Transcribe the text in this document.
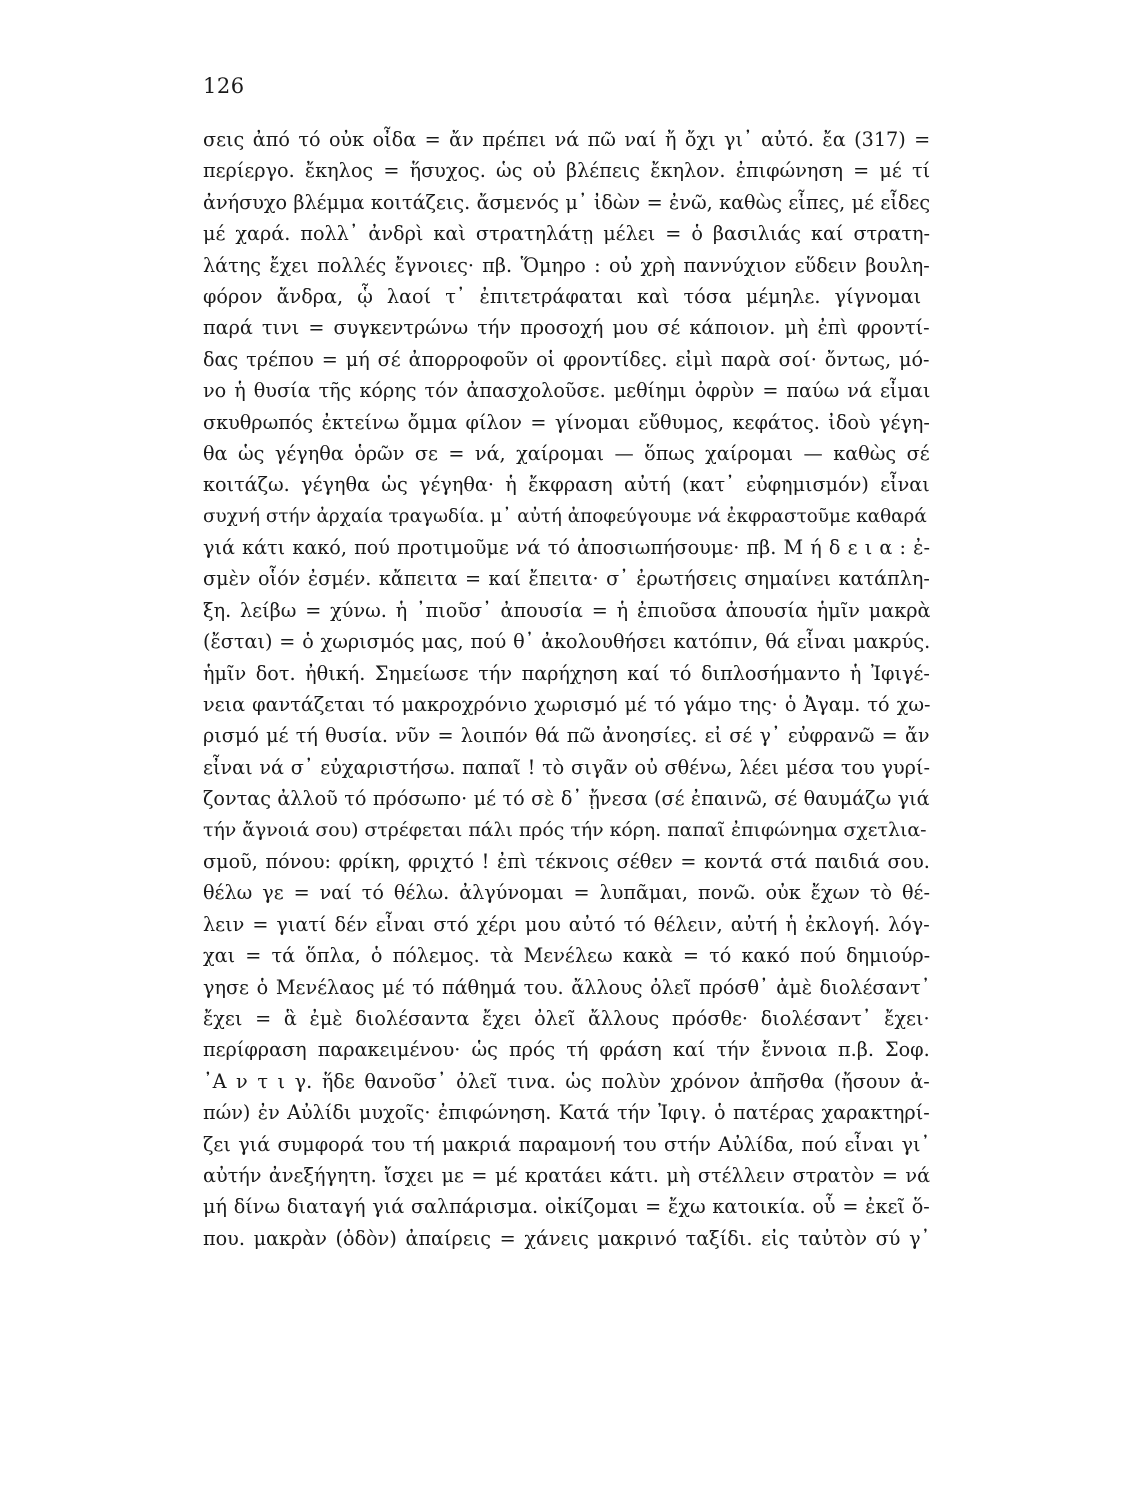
126
σεις ἀπό τό οὐκ οἶδα = ἄν πρέπει νά πῶ ναί ἤ ὄχι γι᾽ αὐτό. ἔα (317) =
περίεργο. ἔκηλος = ἥσυχος. ὡς οὐ βλέπεις ἔκηλον. ἐπιφώνηση = μέ τί
ἀνήσυχο βλέμμα κοιτάζεις. ἄσμενός μ᾽ ἰδὼν = ἐνῶ, καθὼς εἶπες, μέ εἶδες
μέ χαρά. πολλ᾽ ἀνδρὶ καὶ στρατηλάτῃ μέλει = ὁ βασιλιάς καί στρατη-
λάτης ἔχει πολλές ἔγνοιες· πβ. Ὅμηρο : οὐ χρὴ παννύχιον εὕδειν βουλη-
φόρον ἄνδρα, ᾧ λαοί τ᾽ ἐπιτετράφαται καὶ τόσα μέμηλε. γίγνομαι
παρά τινι = συγκεντρώνω τήν προσοχή μου σέ κάποιον. μὴ ἐπὶ φροντί-
δας τρέπου = μή σέ ἀπορροφοῦν οἱ φροντίδες. εἰμὶ παρὰ σοί· ὄντως, μό-
νο ἡ θυσία τῆς κόρης τόν ἀπασχολοῦσε. μεθίημι ὀφρὺν = παύω νά εἶμαι
σκυθρωπός ἐκτείνω ὄμμα φίλον = γίνομαι εὔθυμος, κεφάτος. ἰδοὺ γέγη-
θα ὡς γέγηθα ὁρῶν σε = νά, χαίρομαι — ὅπως χαίρομαι — καθὼς σέ
κοιτάζω. γέγηθα ὡς γέγηθα· ἡ ἔκφραση αὐτή (κατ᾽ εὐφημισμόν) εἶναι
συχνή στήν ἀρχαία τραγωδία. μ᾽ αὐτή ἀποφεύγουμε νά ἐκφραστοῦμε καθαρά
γιά κάτι κακό, πού προτιμοῦμε νά τό ἀποσιωπήσουμε· πβ. Μ ή δ ε ι α : ἐ-
σμὲν οἷόν ἐσμέν. κἄπειτα = καί ἔπειτα· σ᾽ ἐρωτήσεις σημαίνει κατάπλη-
ξη. λείβω = χύνω. ἡ ᾽πιοῦσ᾽ ἀπουσία = ἡ ἐπιοῦσα ἀπουσία ἡμῖν μακρὰ
(ἔσται) = ὁ χωρισμός μας, πού θ᾽ ἀκολουθήσει κατόπιν, θά εἶναι μακρύς.
ἡμῖν δοτ. ἠθική. Σημείωσε τήν παρήχηση καί τό διπλοσήμαντο ἡ Ἰφιγέ-
νεια φαντάζεται τό μακροχρόνιο χωρισμό μέ τό γάμο της· ὁ Ἀγαμ. τό χω-
ρισμό μέ τή θυσία. νῦν = λοιπόν θά πῶ ἀνοησίες. εἰ σέ γ᾽ εὐφρανῶ = ἄν
εἶναι νά σ᾽ εὐχαριστήσω. παπαῖ ! τὸ σιγᾶν οὐ σθένω, λέει μέσα του γυρί-
ζοντας ἀλλοῦ τό πρόσωπο· μέ τό σὲ δ᾽ ᾔνεσα (σέ ἐπαινῶ, σέ θαυμάζω γιά
τήν ἄγνοιά σου) στρέφεται πάλι πρός τήν κόρη. παπαῖ ἐπιφώνημα σχετλια-
σμοῦ, πόνου: φρίκη, φριχτό ! ἐπὶ τέκνοις σέθεν = κοντά στά παιδιά σου.
θέλω γε = ναί τό θέλω. ἀλγύνομαι = λυπᾶμαι, πονῶ. οὐκ ἔχων τὸ θέ-
λειν = γιατί δέν εἶναι στό χέρι μου αὐτό τό θέλειν, αὐτή ἡ ἐκλογή. λόγ-
χαι = τά ὅπλα, ὁ πόλεμος. τὰ Μενέλεω κακὰ = τό κακό πού δημιούρ-
γησε ὁ Μενέλαος μέ τό πάθημά του. ἄλλους ὀλεῖ πρόσθ᾽ ἀμὲ διολέσαντ᾽
ἔχει = ἃ ἐμὲ διολέσαντα ἔχει ὀλεῖ ἄλλους πρόσθε· διολέσαντ᾽ ἔχει·
περίφραση παρακειμένου· ὡς πρός τή φράση καί τήν ἔννοια π.β. Σοφ.
᾽Α ν τ ι γ. ἥδε θανοῦσ᾽ ὀλεῖ τινα. ὡς πολὺν χρόνον ἀπῆσθα (ἤσουν ἀ-
πών) ἐν Αὐλίδι μυχοῖς· ἐπιφώνηση. Κατά τήν Ἰφιγ. ὁ πατέρας χαρακτηρί-
ζει γιά συμφορά του τή μακριά παραμονή του στήν Αὐλίδα, πού εἶναι γι᾽
αὐτήν ἀνεξήγητη. ἴσχει με = μέ κρατάει κάτι. μὴ στέλλειν στρατὸν = νά
μή δίνω διαταγή γιά σαλπάρισμα. οἰκίζομαι = ἔχω κατοικία. οὗ = ἐκεῖ ὅ-
που. μακρὰν (ὁδὸν) ἀπαίρεις = χάνεις μακρινό ταξίδι. εἰς ταὐτὸν σύ γ᾽
